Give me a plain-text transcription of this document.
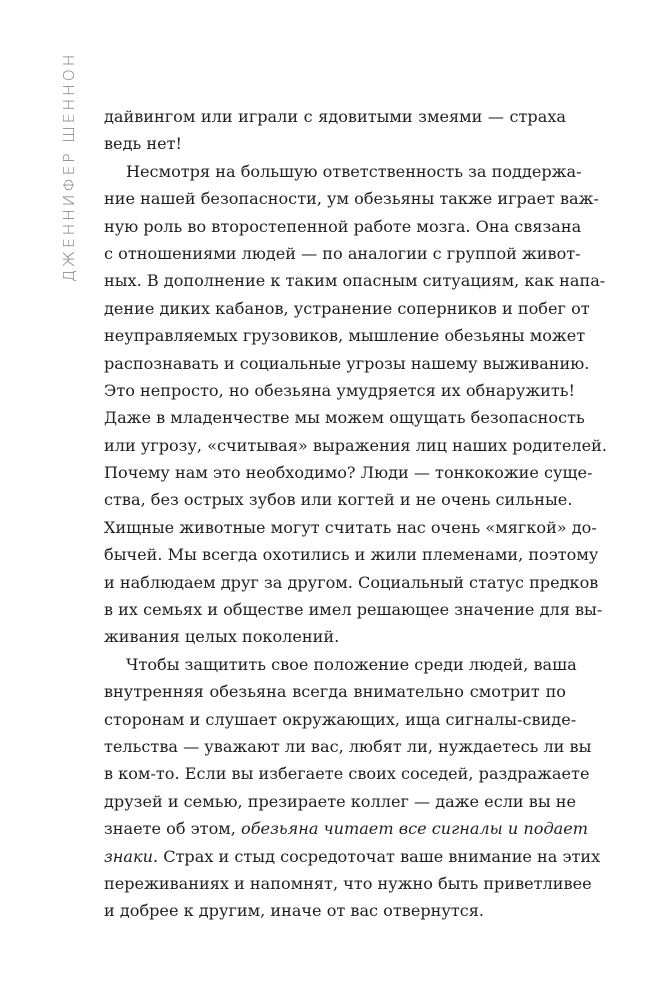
ДЖЕННИФЕР ШЕННОН дайвингом или играли с ядовитыми змеями — страха
ведь нет!
Несмотря на большую ответственность за поддержа-
ние нашей безопасности, ум обезьяны также играет важ-
ную роль во второстепенной работе мозга. Она связана
с отношениями людей — по аналогии с группой живот-
ных. В дополнение к таким опасным ситуациям, как напа-
дение диких кабанов, устранение соперников и побег от
неуправляемых грузовиков, мышление обезьяны может
распознавать и социальные угрозы нашему выживанию.
Это непросто, но обезьяна умудряется их обнаружить!
Даже в младенчестве мы можем ощущать безопасность
или угрозу, «считывая» выражения лиц наших родителей.
Почему нам это необходимо? Люди — тонкокожие суще-
ства, без острых зубов или когтей и не очень сильные.
Хищные животные могут считать нас очень «мягкой» до-
бычей. Мы всегда охотились и жили племенами, поэтому
и наблюдаем друг за другом. Социальный статус предков
в их семьях и обществе имел решающее значение для вы-
живания целых поколений.
Чтобы защитить свое положение среди людей, ваша
внутренняя обезьяна всегда внимательно смотрит по
сторонам и слушает окружающих, ища сигналы-свиде-
тельства — уважают ли вас, любят ли, нуждаетесь ли вы
в ком-то. Если вы избегаете своих соседей, раздражаете
друзей и семью, презираете коллег — даже если вы не
знаете об этом, обезьяна читает все сигналы и подает
знаки. Страх и стыд сосредоточат ваше внимание на этих
переживаниях и напомнят, что нужно быть приветливее
и добрее к другим, иначе от вас отвернутся.
